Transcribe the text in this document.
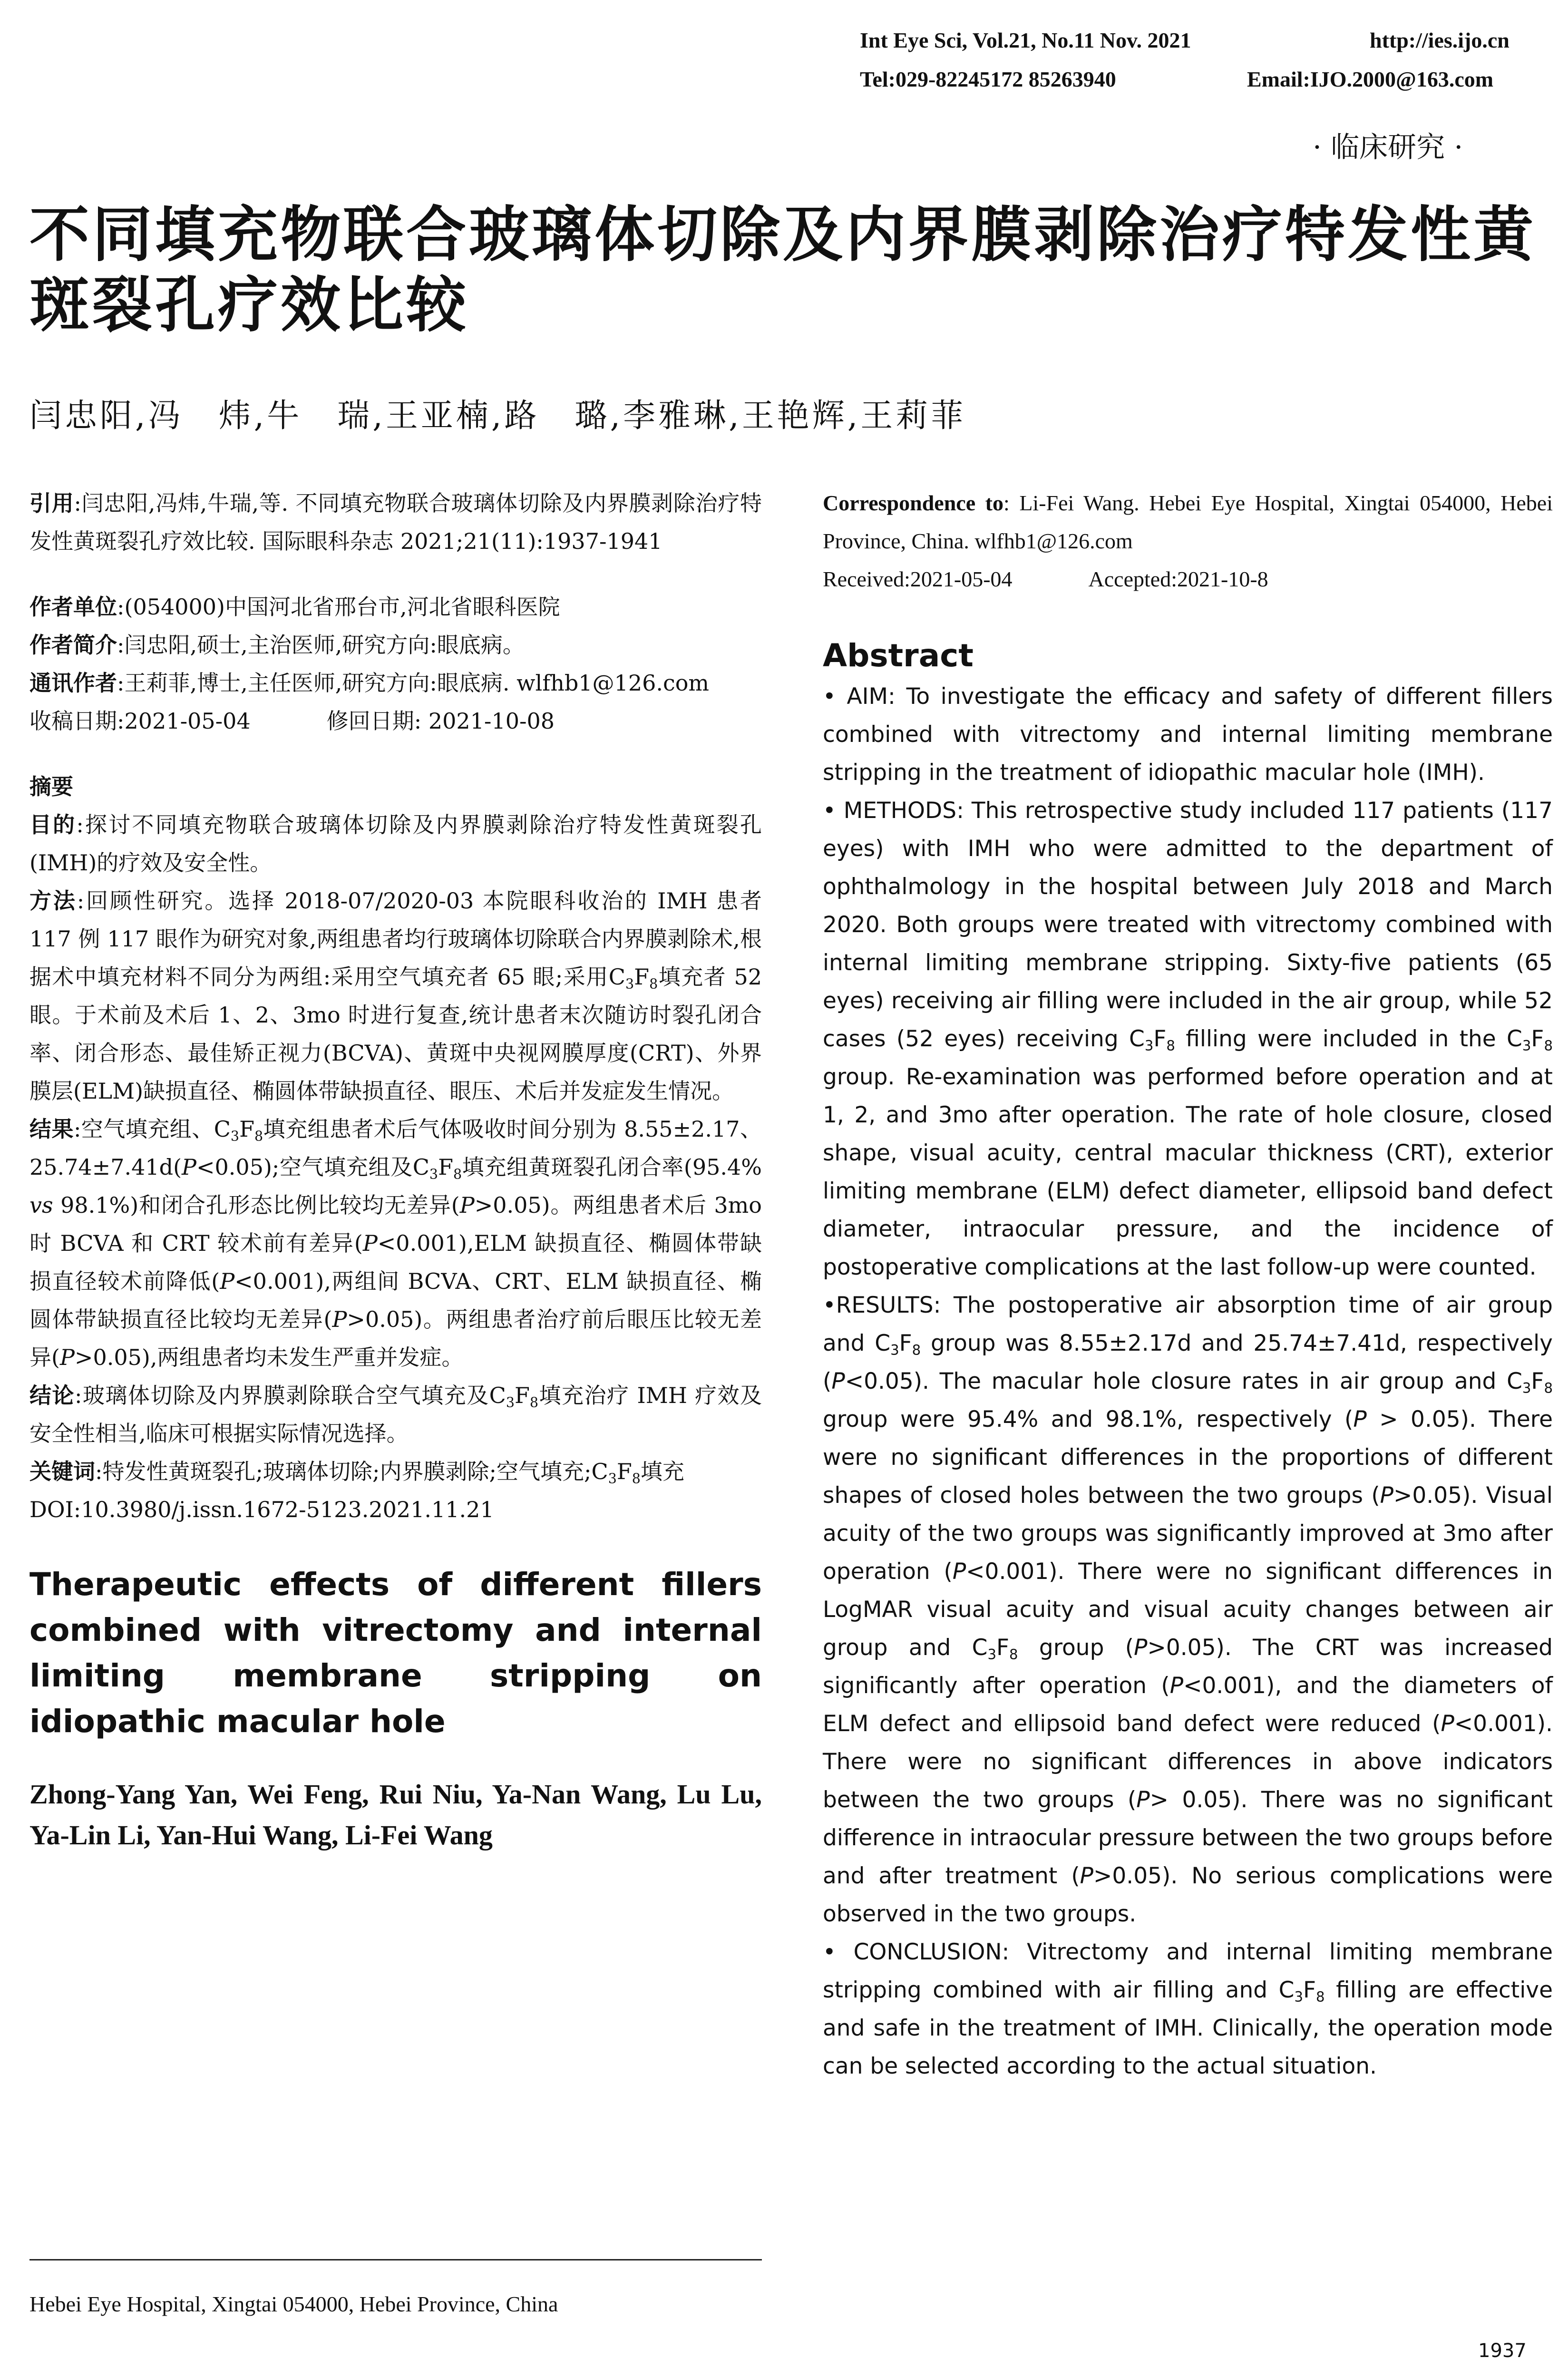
Int Eye Sci, Vol.21, No.11 Nov. 2021	http://ies.ijo.cn
Tel:029-82245172 85263940	Email:IJO.2000@163.com
· 临床研究 ·
不同填充物联合玻璃体切除及内界膜剥除治疗特发性黄
斑裂孔疗效比较
闫忠阳,冯　炜,牛　瑞,王亚楠,路　璐,李雅琳,王艳辉,王莉菲

引用:闫忠阳,冯炜,牛瑞,等. 不同填充物联合玻璃体切除及内界膜剥除治疗特发性黄斑裂孔疗效比较. 国际眼科杂志 2021;21(11):1937-1941

作者单位:(054000)中国河北省邢台市,河北省眼科医院

作者简介:闫忠阳,硕士,主治医师,研究方向:眼底病。

通讯作者:王莉菲,博士,主任医师,研究方向:眼底病. wlfhb1@126.com

收稿日期:2021-05-04	修回日期: 2021-10-08

摘要

目的:探讨不同填充物联合玻璃体切除及内界膜剥除治疗特发性黄斑裂孔(IMH)的疗效及安全性。

方法:回顾性研究。选择 2018-07/2020-03 本院眼科收治的 IMH 患者 117 例 117 眼作为研究对象,两组患者均行玻璃体切除联合内界膜剥除术,根据术中填充材料不同分为两组:采用空气填充者 65 眼;采用$C_3F_8$填充者 52 眼。于术前及术后 1、2、3mo 时进行复查,统计患者末次随访时裂孔闭合率、闭合形态、最佳矫正视力(BCVA)、黄斑中央视网膜厚度(CRT)、外界膜层(ELM)缺损直径、椭圆体带缺损直径、眼压、术后并发症发生情况。

结果:空气填充组、$C_3F_8$填充组患者术后气体吸收时间分别为 8.55±2.17、25.74±7.41d(P<0.05);空气填充组及$C_3F_8$填充组黄斑裂孔闭合率(95.4% vs 98.1%)和闭合孔形态比例比较均无差异(P>0.05)。两组患者术后 3mo 时 BCVA 和 CRT 较术前有差异(P<0.001),ELM 缺损直径、椭圆体带缺损直径较术前降低(P<0.001),两组间 BCVA、CRT、ELM 缺损直径、椭圆体带缺损直径比较均无差异(P>0.05)。两组患者治疗前后眼压比较无差异(P>0.05),两组患者均未发生严重并发症。

结论:玻璃体切除及内界膜剥除联合空气填充及$C_3F_8$填充治疗 IMH 疗效及安全性相当,临床可根据实际情况选择。

关键词:特发性黄斑裂孔;玻璃体切除;内界膜剥除;空气填充$;C_3F_8$填充

DOI:10.3980/j.issn.1672-5123.2021.11.21

Therapeutic effects of different fillers combined with vitrectomy and internal limiting membrane stripping on idiopathic macular hole

Zhong-Yang Yan, Wei Feng, Rui Niu, Ya-Nan Wang, Lu Lu, Ya-Lin Li, Yan-Hui Wang, Li-Fei Wang

Hebei Eye Hospital, Xingtai 054000, Hebei Province, China

Correspondence to: Li-Fei Wang. Hebei Eye Hospital, Xingtai 054000, Hebei Province, China. wlfhb1@126.com

Received:2021-05-04	Accepted:2021-10-8

Abstract

• AIM: To investigate the efficacy and safety of different fillers combined with vitrectomy and internal limiting membrane stripping in the treatment of idiopathic macular hole (IMH).

• METHODS: This retrospective study included 117 patients (117 eyes) with IMH who were admitted to the department of ophthalmology in the hospital between July 2018 and March 2020. Both groups were treated with vitrectomy combined with internal limiting membrane stripping. Sixty-five patients (65 eyes) receiving air filling were included in the air group, while 52 cases (52 eyes) receiving $C_3F_8$ filling were included in the $C_3F_8$ group. Re-examination was performed before operation and at 1, 2, and 3mo after operation. The rate of hole closure, closed shape, visual acuity, central macular thickness (CRT), exterior limiting membrane (ELM) defect diameter, ellipsoid band defect diameter, intraocular pressure, and the incidence of postoperative complications at the last follow-up were counted.

•RESULTS: The postoperative air absorption time of air group and $C_3F_8$ group was 8.55±2.17d and 25.74±7.41d, respectively (P<0.05). The macular hole closure rates in air group and $C_3F_8$ group were 95.4% and 98.1%, respectively (P > 0.05). There were no significant differences in the proportions of different shapes of closed holes between the two groups (P>0.05). Visual acuity of the two groups was significantly improved at 3mo after operation (P<0.001). There were no significant differences in LogMAR visual acuity and visual acuity changes between air group and $C_3F_8$ group (P>0.05). The CRT was increased significantly after operation (P<0.001), and the diameters of ELM defect and ellipsoid band defect were reduced (P<0.001). There were no significant differences in above indicators between the two groups (P> 0.05). There was no significant difference in intraocular pressure between the two groups before and after treatment (P>0.05). No serious complications were observed in the two groups.

• CONCLUSION: Vitrectomy and internal limiting membrane stripping combined with air filling and $C_3F_8$ filling are effective and safe in the treatment of IMH. Clinically, the operation mode can be selected according to the actual situation.

1937
